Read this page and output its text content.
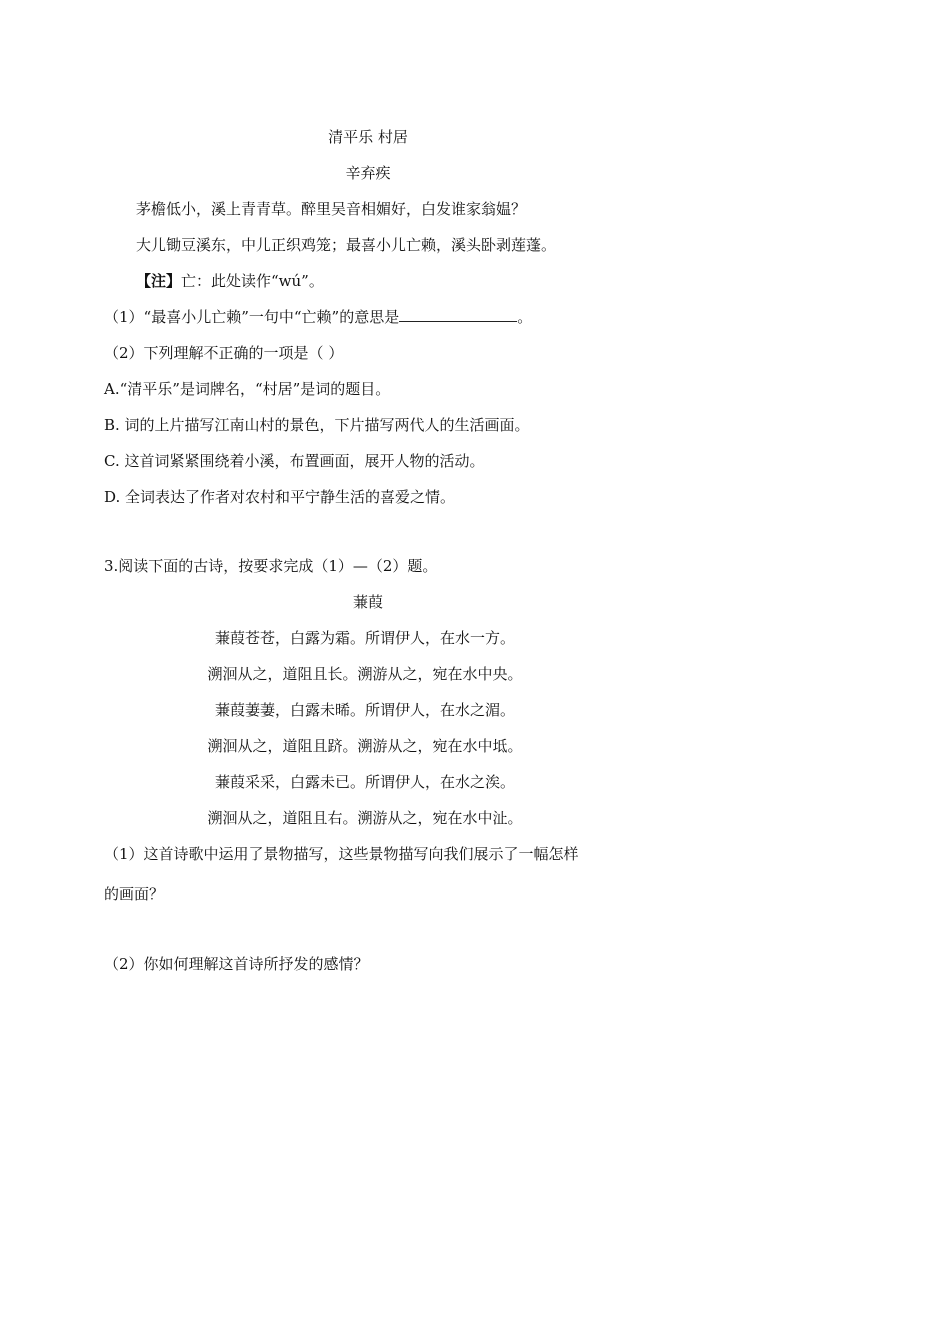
清平乐 村居
辛弃疾
茅檐低小，溪上青青草。醉里吴音相媚好，白发谁家翁媪？
大儿锄豆溪东，中儿正织鸡笼；最喜小儿亡赖，溪头卧剥莲蓬。
【注】亡：此处读作“wú”。
（1）“最喜小儿亡赖”一句中“亡赖”的意思是	。
（2）下列理解不正确的一项是（ ）
A.“清平乐”是词牌名，“村居”是词的题目。
B. 词的上片描写江南山村的景色，下片描写两代人的生活画面。
C. 这首词紧紧围绕着小溪，布置画面，展开人物的活动。
D. 全词表达了作者对农村和平宁静生活的喜爱之情。
3.阅读下面的古诗，按要求完成（1）—（2）题。
蒹葭
蒹葭苍苍，白露为霜。所谓伊人，在水一方。
溯洄从之，道阻且长。溯游从之，宛在水中央。
蒹葭萋萋，白露未晞。所谓伊人，在水之湄。
溯洄从之，道阻且跻。溯游从之，宛在水中坻。
蒹葭采采，白露未已。所谓伊人，在水之涘。
溯洄从之，道阻且右。溯游从之，宛在水中沚。
（1）这首诗歌中运用了景物描写，这些景物描写向我们展示了一幅怎样
的画面？
（2）你如何理解这首诗所抒发的感情？
